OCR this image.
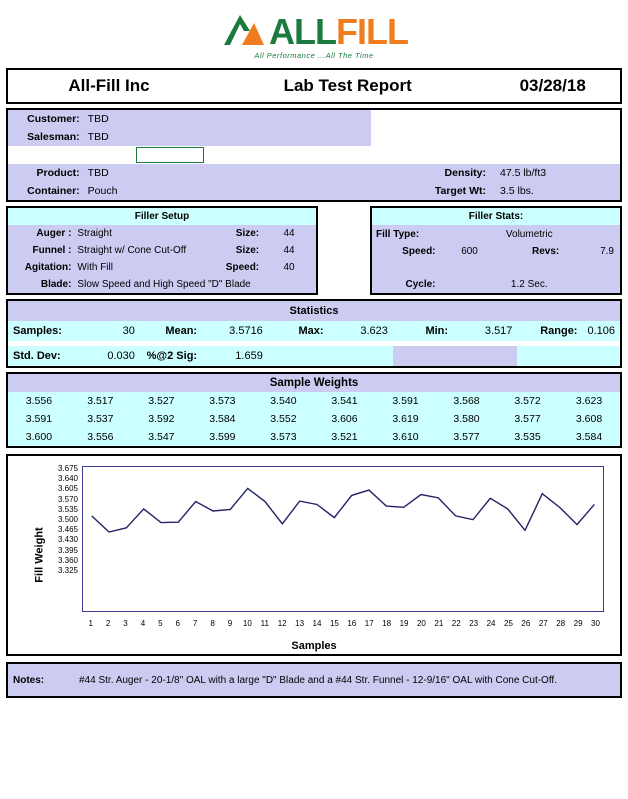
ALLFILL
All Performance ...All The Time
All-Fill Inc	Lab Test Report	03/28/18
Customer:	TBD			
Salesman:	TBD			

Product:	TBD	Density:	47.5 lb/ft3	
Container:	Pouch	Target Wt:	3.5 lbs.	
Filler Setup			
Auger :	Straight	Size:	44
Funnel :	Straight w/ Cone Cut-Off	Size:	44
Agitation:	With Fill	Speed:	40
Blade:	Slow Speed and High Speed "D" Blade		
Filler Stats:			
Fill Type:	Volumetric		
Speed:	600	Revs:	7.9

Cycle:	1.2 Sec.		
Statistics									
Samples:	30	Mean:	3.5716	Max:	3.623	Min:	3.517	Range:	0.106

Std. Dev:	0.030	%@2 Sig:	1.659						
Sample Weights									
3.556	3.517	3.527	3.573	3.540	3.541	3.591	3.568	3.572	3.623
3.591	3.537	3.592	3.584	3.552	3.606	3.619	3.580	3.577	3.608
3.600	3.556	3.547	3.599	3.573	3.521	3.610	3.577	3.535	3.584
Fill Weight
3.675
3.640
3.605
3.570
3.535
3.500
3.465
3.430
3.395
3.360
3.325
1	2	3	4	5	6	7	8	9	10	11	12	13	14	15	16	17	18	19	20	21	22	23	24	25	26	27	28	29	30
Samples
Notes:	#44 Str. Auger - 20-1/8" OAL with a large "D" Blade and a #44 Str. Funnel - 12-9/16" OAL with Cone Cut-Off.
